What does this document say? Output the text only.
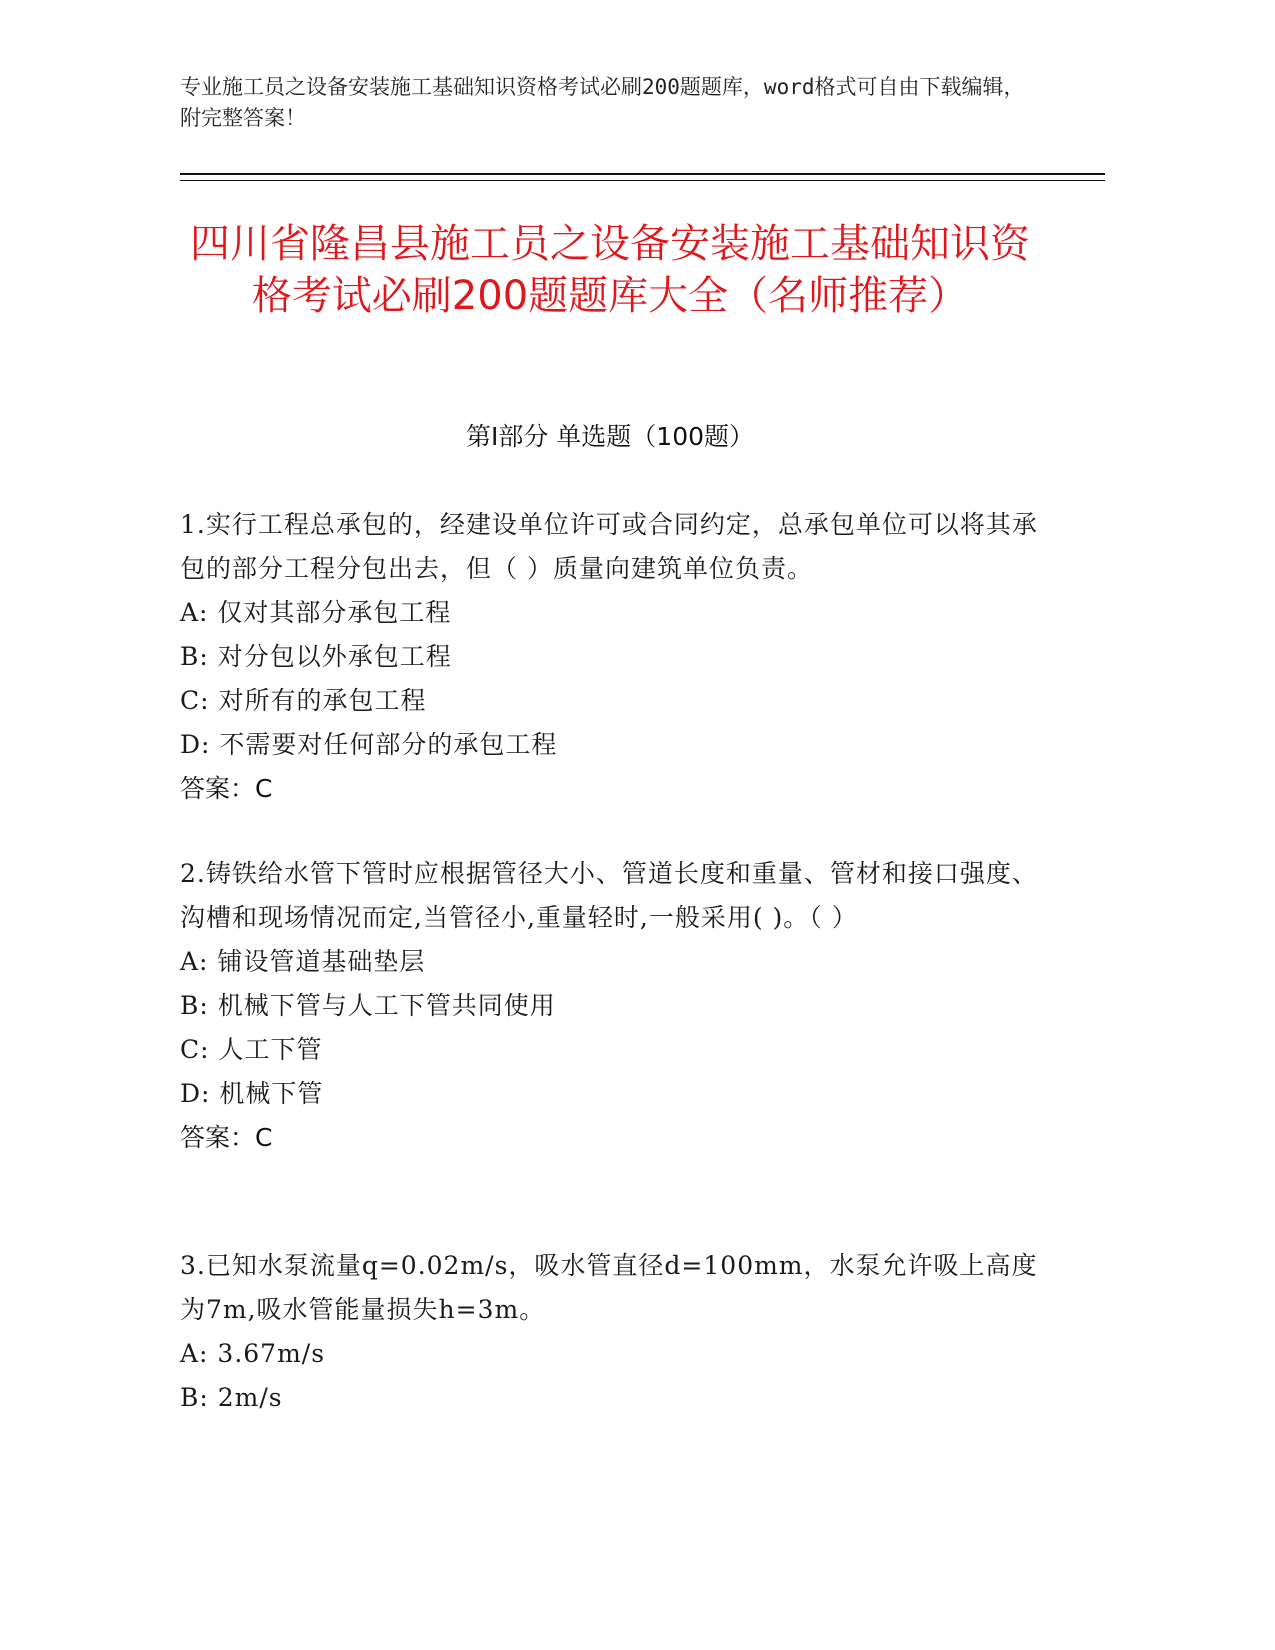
专业施工员之设备安装施工基础知识资格考试必刷200题题库，word格式可自由下载编辑，附完整答案！
四川省隆昌县施工员之设备安装施工基础知识资格考试必刷200题题库大全（名师推荐）
第Ⅰ部分 单选题（100题）
1.实行工程总承包的，经建设单位许可或合同约定，总承包单位可以将其承包的部分工程分包出去，但（ ）质量向建筑单位负责。
A: 仅对其部分承包工程
B: 对分包以外承包工程
C: 对所有的承包工程
D: 不需要对任何部分的承包工程
答案：C
2.铸铁给水管下管时应根据管径大小、管道长度和重量、管材和接口强度、沟槽和现场情况而定,当管径小,重量轻时,一般采用( )。（ ）
A: 铺设管道基础垫层
B: 机械下管与人工下管共同使用
C: 人工下管
D: 机械下管
答案：C
3.已知水泵流量q=0.02m/s，吸水管直径d=100mm，水泵允许吸上高度为7m,吸水管能量损失h=3m。
A: 3.67m/s
B: 2m/s
